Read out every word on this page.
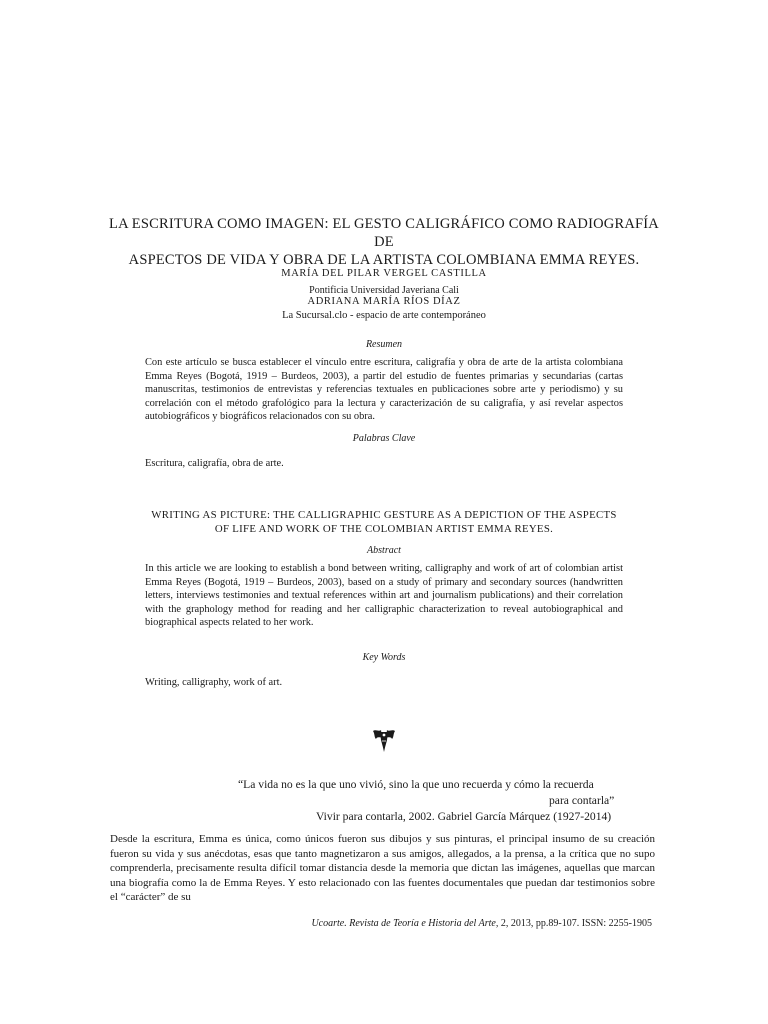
LA ESCRITURA COMO IMAGEN: EL GESTO CALIGRÁFICO COMO RADIOGRAFÍA DE
ASPECTOS DE VIDA Y OBRA DE LA ARTISTA COLOMBIANA EMMA REYES.
MARÍA DEL PILAR VERGEL CASTILLA
Pontificia Universidad Javeriana Cali
ADRIANA MARÍA RÍOS DÍAZ
La Sucursal.clo - espacio de arte contemporáneo
Resumen
Con este artículo se busca establecer el vínculo entre escritura, caligrafía y obra de arte de la artista colombiana Emma Reyes (Bogotá, 1919 – Burdeos, 2003), a partir del estudio de fuentes primarias y secundarias (cartas manuscritas, testimonios de entrevistas y referencias textuales en publicaciones sobre arte y periodismo) y su correlación con el método grafológico para la lectura y caracterización de su caligrafía, y así revelar aspectos autobiográficos y biográficos relacionados con su obra.
Palabras Clave
Escritura, caligrafía, obra de arte.
WRITING AS PICTURE: THE CALLIGRAPHIC GESTURE AS A DEPICTION OF THE ASPECTS
OF LIFE AND WORK OF THE COLOMBIAN ARTIST EMMA REYES.
Abstract
In this article we are looking to establish a bond between writing, calligraphy and work of art of colombian artist Emma Reyes (Bogotá, 1919 – Burdeos, 2003), based on a study of primary and secondary sources (handwritten letters, interviews testimonies and textual references within art and journalism publications) and their correlation with the graphology method for reading and her calligraphic characterization to reveal autobiographical and biographical aspects related to her work.
Key Words
Writing, calligraphy, work of art.
“La vida no es la que uno vivió, sino la que uno recuerda y cómo la recuerda
para contarla”
Vivir para contarla, 2002. Gabriel García Márquez (1927-2014)
Desde la escritura, Emma es única, como únicos fueron sus dibujos y sus pinturas, el principal insumo de su creación fueron su vida y sus anécdotas, esas que tanto magnetizaron a sus amigos, allegados, a la prensa, a la crítica que no supo comprenderla, precisamente resulta difícil tomar distancia desde la memoria que dictan las imágenes, aquellas que marcan una biografía como la de Emma Reyes. Y esto relacionado con las fuentes documentales que puedan dar testimonios sobre el “carácter” de su
Ucoarte. Revista de Teoría e Historia del Arte, 2, 2013, pp.89-107. ISSN: 2255-1905
